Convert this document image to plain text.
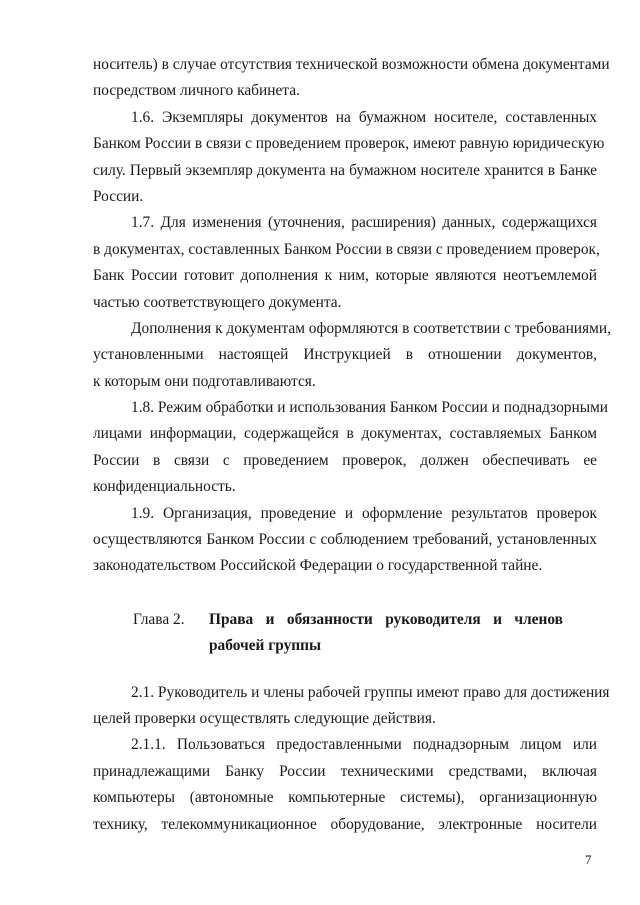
носитель) в случае отсутствия технической возможности обмена документами
посредством личного кабинета.
1.6. Экземпляры документов на бумажном носителе, составленных
Банком России в связи с проведением проверок, имеют равную юридическую
силу. Первый экземпляр документа на бумажном носителе хранится в Банке
России.
1.7. Для изменения (уточнения, расширения) данных, содержащихся
в документах, составленных Банком России в связи с проведением проверок,
Банк России готовит дополнения к ним, которые являются неотъемлемой
частью соответствующего документа.
Дополнения к документам оформляются в соответствии с требованиями,
установленными настоящей Инструкцией в отношении документов,
к которым они подготавливаются.
1.8. Режим обработки и использования Банком России и поднадзорными
лицами информации, содержащейся в документах, составляемых Банком
России в связи с проведением проверок, должен обеспечивать ее
конфиденциальность.
1.9. Организация, проведение и оформление результатов проверок
осуществляются Банком России с соблюдением требований, установленных
законодательством Российской Федерации о государственной тайне.
Глава 2. Права и обязанности руководителя и членов
рабочей группы
2.1. Руководитель и члены рабочей группы имеют право для достижения
целей проверки осуществлять следующие действия.
2.1.1. Пользоваться предоставленными поднадзорным лицом или
принадлежащими Банку России техническими средствами, включая
компьютеры (автономные компьютерные системы), организационную
технику, телекоммуникационное оборудование, электронные носители
7
